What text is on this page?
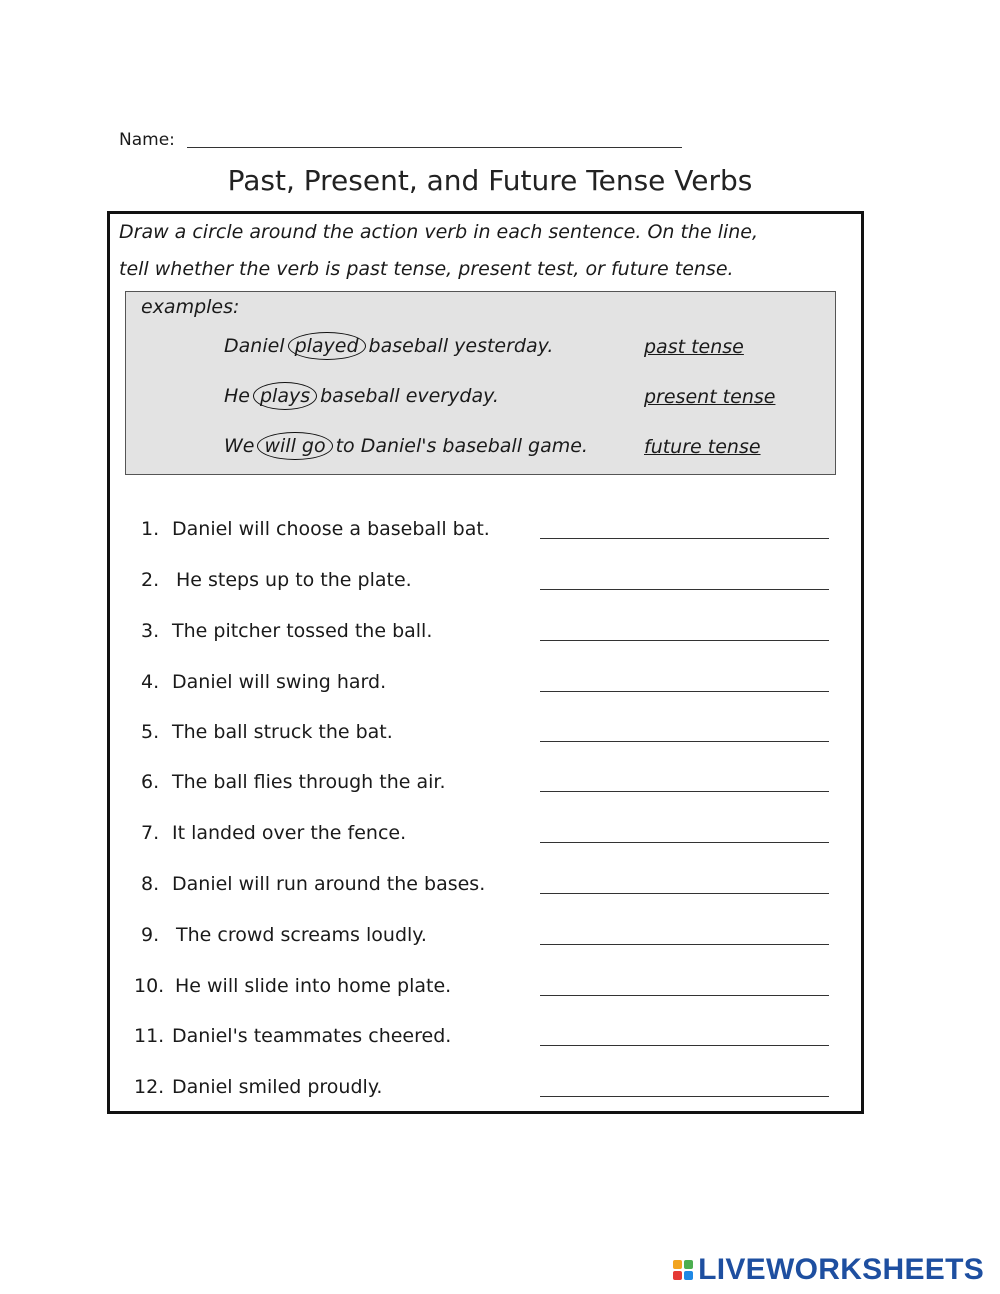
Name:
Past, Present, and Future Tense Verbs
Draw a circle around the action verb in each sentence. On the line,
tell whether the verb is past tense, present test, or future tense.
examples:
Daniel played baseball yesterday.	past tense
He plays baseball everyday.	present tense
We will go to Daniel's baseball game.	future tense
1. Daniel will choose a baseball bat.
2. He steps up to the plate.
3. The pitcher tossed the ball.
4. Daniel will swing hard.
5. The ball struck the bat.
6. The ball flies through the air.
7. It landed over the fence.
8. Daniel will run around the bases.
9. The crowd screams loudly.
10. He will slide into home plate.
11. Daniel's teammates cheered.
12. Daniel smiled proudly.
LIVEWORKSHEETS
